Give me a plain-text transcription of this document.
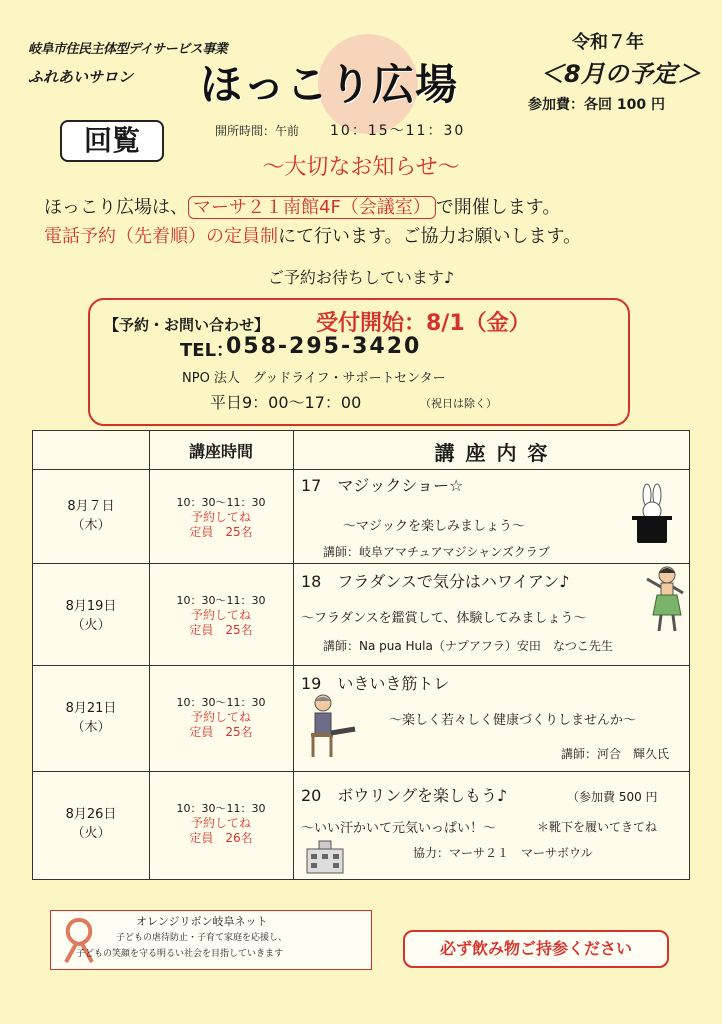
岐阜市住民主体型デイサービス事業
ふれあいサロン ほっこり広場
令和７年
＜8月の予定＞
参加費：各回 100 円
回覧	開所時間：午前 10：15～11：30
～大切なお知らせ～
ほっこり広場は、 マーサ２１南館4F（会議室） で開催します。
電話予約（先着順）の定員制にて行います。ご協力お願いします。
ご予約お待ちしています♪
【予約・お問い合わせ】 受付開始：8/1（金）
TEL：
058-295-3420
NPO 法人　グッドライフ・サポートセンター
平日9：00～17：00	（祝日は除く）
講座時間	講 座 内 容
8月７日
（木）
10：30～11：30
予約してね
定員　25名
17　マジックショー☆
～マジックを楽しみましょう～
講師：岐阜アマチュアマジシャンズクラブ
8月19日
（火）
10：30～11：30
予約してね
定員　25名
18　フラダンスで気分はハワイアン♪
～フラダンスを鑑賞して、体験してみましょう～
講師：Na pua Hula（ナプアフラ）安田　なつこ先生
8月21日
（木）
10：30～11：30
予約してね
定員　25名
19　いきいき筋トレ
～楽しく若々しく健康づくりしませんか～
講師：河合　輝久氏
8月26日
（火）
10：30～11：30
予約してね
定員　26名
20　ボウリングを楽しもう♪	（参加費 500 円
～いい汗かいて元気いっぱい！～	＊靴下を履いてきてね
協力：マーサ２１　マーサボウル
オレンジリボン岐阜ネット
子どもの虐待防止・子育て家庭を応援し、
子どもの笑顔を守る明るい社会を目指していきます	必ず飲み物ご持参ください
